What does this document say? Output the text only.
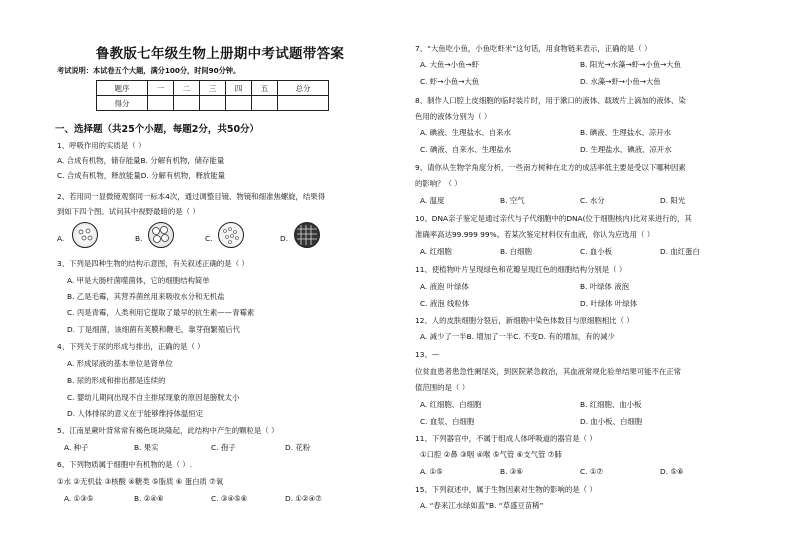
鲁教版七年级生物上册期中考试题带答案
考试说明：本试卷五个大题，满分100分，时间90分钟。
题序	一	二	三	四	五	总分
得分						
一、选择题（共25个小题，每题2分，共50分）
1、呼吸作用的实质是（ ）
A. 合成有机物，储存能量B. 分解有机物，储存能量
C. 合成有机物，释放能量D. 分解有机物，释放能量
2、若用同一显微镜观察同一标本4次，通过调整目镜、物镜和细准焦螺旋，结果得
到如下四个图。试问其中视野最暗的是（ ）
A.	B.	C.	D.
3、下列是四种生物的结构示意图，有关叙述正确的是（ ）
A. 甲是大肠杆菌噬菌体，它的细胞结构简单
B. 乙是毛霉，其营养菌丝用来吸收水分和无机盐
C. 丙是青霉，人类利用它提取了最早的抗生素——青霉素
D. 丁是细菌，该细菌有荚膜和鞭毛，靠芽孢繁殖后代
4、下列关于尿的形成与排出，正确的是（ ）
A. 形成尿液的基本单位是肾单位
B. 尿的形成和排出都是连续的
C. 婴幼儿期间出现不自主排尿现象的原因是膀胱太小
D. 人体排尿的意义在于能够维持体温恒定
5、江南星蕨叶背常常有褐色斑块隆起，此结构中产生的颗粒是（ ）
A. 种子	B. 果实	C. 孢子	D. 花粉
6、下列物质属于细胞中有机物的是（ ）.
①水 ②无机盐 ③核酸 ④糖类 ⑤脂质 ⑥ 蛋白质 ⑦氧
A. ①③⑤	B. ②④⑥	C. ③④⑤⑥	D. ①②④⑦
7、“大鱼吃小鱼，小鱼吃虾米”这句话，用食物链来表示，正确的是（ ）
A. 大鱼→小鱼→虾	B. 阳光→水藻→虾→小鱼→大鱼
C. 虾→小鱼→大鱼	D. 水藻→虾→小鱼→大鱼
8、制作人口腔上皮细胞的临时装片时，用于漱口的液体、载玻片上滴加的液体、染
色用的液体分别为（ ）
A. 碘液、生理盐水、自来水	B. 碘液、生理盐水、凉开水
C. 碘液、自来水、生理盐水	D. 生理盐水、碘液、凉开水
9、请你从生物学角度分析，一些南方树种在北方的成活率低主要是受以下哪种因素
的影响？（ ）
A. 温度	B. 空气	C. 水分	D. 阳光
10、DNA亲子鉴定是通过亲代与子代细胞中的DNA(位于细胞核内)比对来进行的，其
准确率高达99.999 99%。若某次鉴定材料仅有血液，你认为应选用（ ）
A. 红细胞	B. 白细胞	C. 血小板	D. 血红蛋白
11、使植物叶片呈现绿色和花瓣呈现红色的细胞结构分别是（ ）
A. 液泡 叶绿体	B. 叶绿体 液泡
C. 液泡 线粒体	D. 叶绿体 叶绿体
12、人的皮肤细胞分裂后，新细胞中染色体数目与原细胞相比（ ）
A. 减少了一半B. 增加了一半C. 不变D. 有的增加，有的减少
13、—
位贫血患者患急性阑尾炎，到医院紧急救治，其血液常规化验单结果可能不在正常
值范围的是（ ）
A. 红细胞、白细胞	B. 红细胞、血小板
C. 血浆、白细胞	D. 血小板、白细胞
11、下列器官中，不属于组成人体呼吸道的器官是（ ）
①口腔 ②鼻 ③咽 ④喉 ⑤气管 ⑥支气管 ⑦肺
A. ①⑤	B. ③⑥	C. ①⑦	D. ⑤⑥
15、下列叙述中，属于生物因素对生物的影响的是（ ）
A. “春来江水绿如蓝”B. “草盛豆苗稀”
